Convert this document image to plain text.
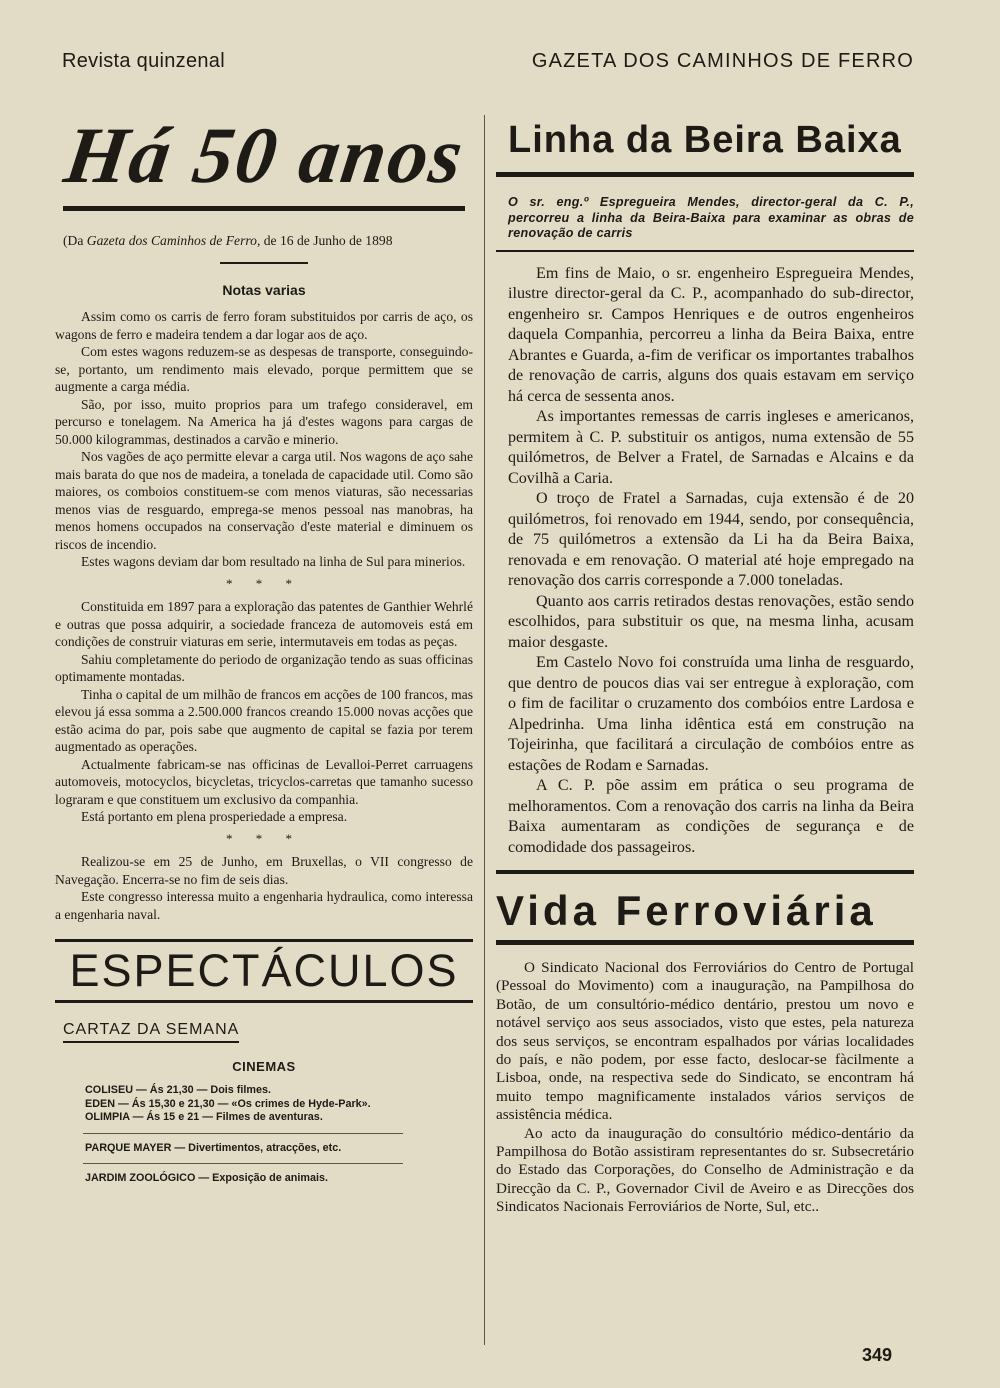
Revista quinzenal	GAZETA DOS CAMINHOS DE FERRO
Há 50 anos
(Da Gazeta dos Caminhos de Ferro, de 16 de Junho de 1898
Notas varias

Assim como os carris de ferro foram substituidos por carris de aço, os wagons de ferro e madeira tendem a dar logar aos de aço.

Com estes wagons reduzem-se as despesas de transporte, conseguindo-se, portanto, um rendimento mais elevado, porque permittem que se augmente a carga média.

São, por isso, muito proprios para um trafego consideravel, em percurso e tonelagem. Na America ha já d'estes wagons para cargas de 50.000 kilogrammas, destinados a carvão e minerio.

Nos vagões de aço permitte elevar a carga util. Nos wagons de aço sahe mais barata do que nos de madeira, a tonelada de capacidade util. Como são maiores, os comboios constituem-se com menos viaturas, são necessarias menos vias de resguardo, emprega-se menos pessoal nas manobras, ha menos homens occupados na conservação d'este material e diminuem os riscos de incendio.

Estes wagons deviam dar bom resultado na linha de Sul para minerios.

* * *

Constituida em 1897 para a exploração das patentes de Ganthier Wehrlé e outras que possa adquirir, a sociedade franceza de automoveis está em condições de construir viaturas em serie, intermutaveis em todas as peças.

Sahiu completamente do periodo de organização tendo as suas officinas optimamente montadas.

Tinha o capital de um milhão de francos em acções de 100 francos, mas elevou já essa somma a 2.500.000 francos creando 15.000 novas acções que estão acima do par, pois sabe que augmento de capital se fazia por terem augmentado as operações.

Actualmente fabricam-se nas officinas de Levalloi-Perret carruagens automoveis, motocyclos, bicycletas, tricyclos-carretas que tamanho sucesso lograram e que constituem um exclusivo da companhia.

Está portanto em plena prosperiedade a empresa.

* * *

Realizou-se em 25 de Junho, em Bruxellas, o VII congresso de Navegação. Encerra-se no fim de seis dias.

Este congresso interessa muito a engenharia hydraulica, como interessa a engenharia naval.

ESPECTÁCULOS
CARTAZ DA SEMANA
CINEMAS
COLISEU — Ás 21,30 — Dois filmes.
EDEN — Ás 15,30 e 21,30 — «Os crimes de Hyde-Park».
OLIMPIA — Ás 15 e 21 — Filmes de aventuras.
PARQUE MAYER — Divertimentos, atracções, etc.
JARDIM ZOOLÓGICO — Exposição de animais.
Linha da Beira Baixa
O sr. eng.º Espregueira Mendes, director-geral da C. P., percorreu a linha da Beira-Baixa para examinar as obras de renovação de carris

Em fins de Maio, o sr. engenheiro Espregueira Mendes, ilustre director-geral da C. P., acompanhado do sub-director, engenheiro sr. Campos Henriques e de outros engenheiros daquela Companhia, percorreu a linha da Beira Baixa, entre Abrantes e Guarda, a-fim de verificar os importantes trabalhos de renovação de carris, alguns dos quais estavam em serviço há cerca de sessenta anos.

As importantes remessas de carris ingleses e americanos, permitem à C. P. substituir os antigos, numa extensão de 55 quilómetros, de Belver a Fratel, de Sarnadas e Alcains e da Covilhã a Caria.

O troço de Fratel a Sarnadas, cuja extensão é de 20 quilómetros, foi renovado em 1944, sendo, por consequência, de 75 quilómetros a extensão da Li ha da Beira Baixa, renovada e em renovação. O material até hoje empregado na renovação dos carris corresponde a 7.000 toneladas.

Quanto aos carris retirados destas renovações, estão sendo escolhidos, para substituir os que, na mesma linha, acusam maior desgaste.

Em Castelo Novo foi construída uma linha de resguardo, que dentro de poucos dias vai ser entregue à exploração, com o fim de facilitar o cruzamento dos combóios entre Lardosa e Alpedrinha. Uma linha idêntica está em construção na Tojeirinha, que facilitará a circulação de combóios entre as estações de Rodam e Sarnadas.

A C. P. põe assim em prática o seu programa de melhoramentos. Com a renovação dos carris na linha da Beira Baixa aumentaram as condições de segurança e de comodidade dos passageiros.

Vida Ferroviária

O Sindicato Nacional dos Ferroviários do Centro de Portugal (Pessoal do Movimento) com a inauguração, na Pampilhosa do Botão, de um consultório-médico dentário, prestou um novo e notável serviço aos seus associados, visto que estes, pela natureza dos seus serviços, se encontram espalhados por várias localidades do país, e não podem, por esse facto, deslocar-se fàcilmente a Lisboa, onde, na respectiva sede do Sindicato, se encontram há muito tempo magnificamente instalados vários serviços de assistência médica.

Ao acto da inauguração do consultório médico-dentário da Pampilhosa do Botão assistiram representantes do sr. Subsecretário do Estado das Corporações, do Conselho de Administração e da Direcção da C. P., Governador Civil de Aveiro e as Direcções dos Sindicatos Nacionais Ferroviários de Norte, Sul, etc..

349
